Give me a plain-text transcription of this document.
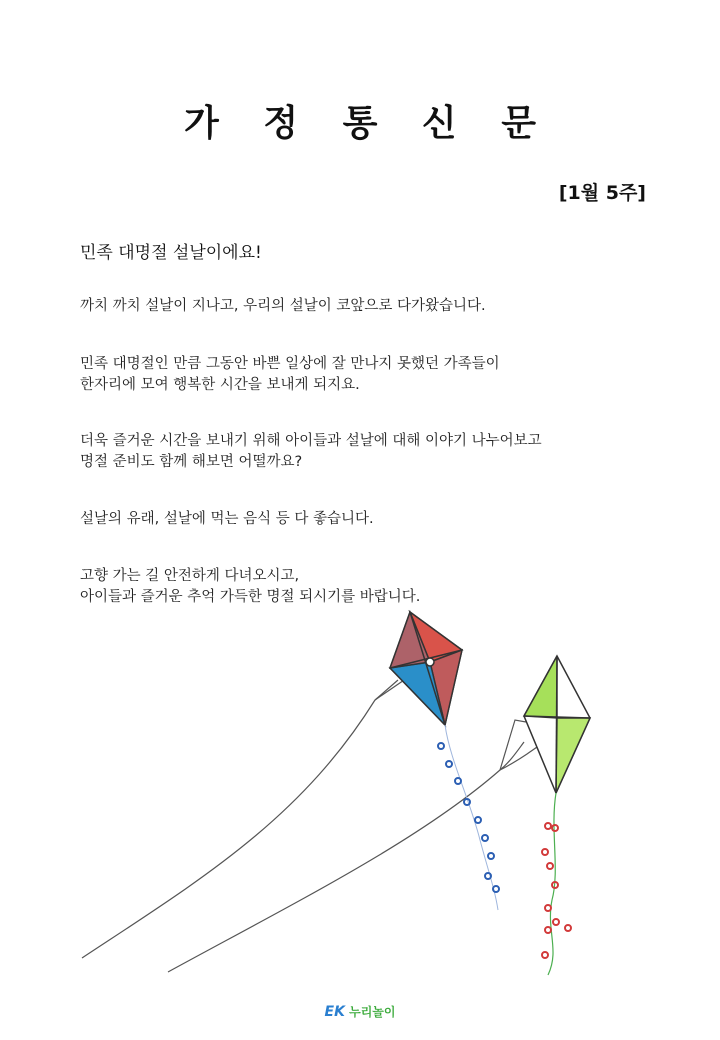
가 정 통 신 문
[1월 5주]
민족 대명절 설날이에요!

까치 까치 설날이 지나고, 우리의 설날이 코앞으로 다가왔습니다.

민족 대명절인 만큼 그동안 바쁜 일상에 잘 만나지 못했던 가족들이
한자리에 모여 행복한 시간을 보내게 되지요.

더욱 즐거운 시간을 보내기 위해 아이들과 설날에 대해 이야기 나누어보고
명절 준비도 함께 해보면 어떨까요?

설날의 유래, 설날에 먹는 음식 등 다 좋습니다.

고향 가는 길 안전하게 다녀오시고,
아이들과 즐거운 추억 가득한 명절 되시기를 바랍니다.

EK 누리놀이
